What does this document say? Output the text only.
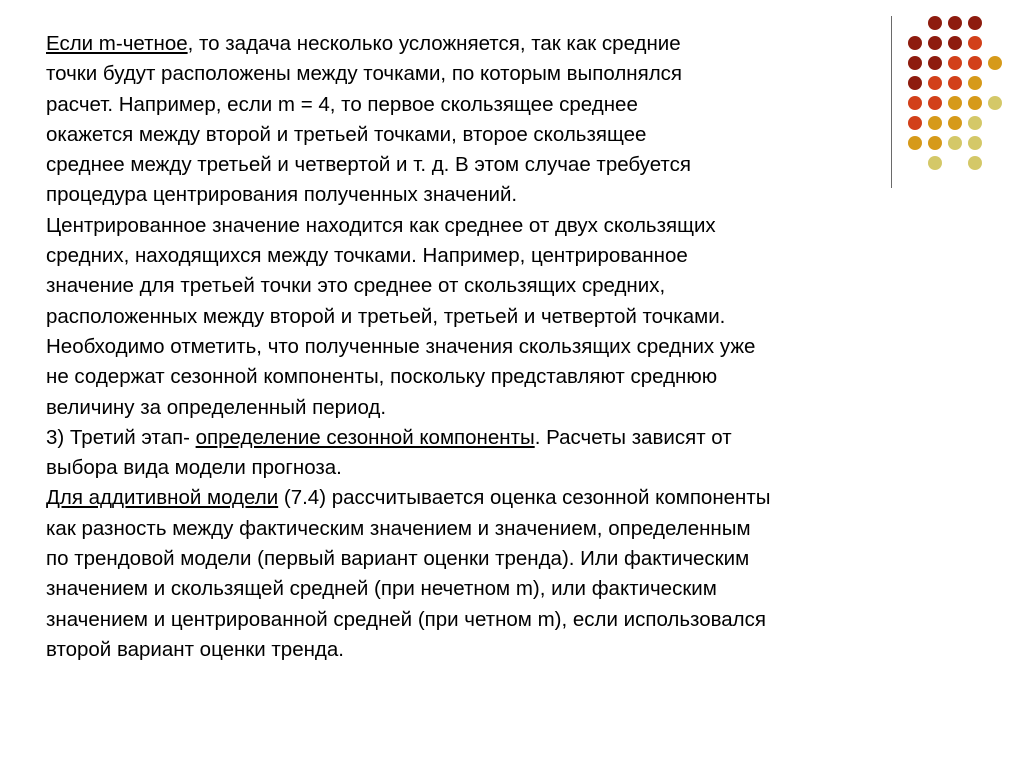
Если m-четное, то задача несколько усложняется, так как средние
точки будут расположены между точками, по которым выполнялся
расчет. Например, если m = 4, то первое скользящее среднее
окажется между второй и третьей точками, второе скользящее
среднее между третьей и четвертой и т. д. В этом случае требуется
процедура центрирования полученных значений.
Центрированное значение находится как среднее от двух скользящих
средних, находящихся между точками. Например, центрированное
значение для третьей точки это среднее от скользящих средних,
расположенных между второй и третьей, третьей и четвертой точками.
Необходимо отметить, что полученные значения скользящих средних уже
не содержат сезонной компоненты, поскольку представляют среднюю
величину за определенный период.
3) Третий этап- определение сезонной компоненты. Расчеты зависят от
выбора вида модели прогноза.
Для аддитивной модели (7.4) рассчитывается оценка сезонной компоненты
как разность между фактическим значением и значением, определенным
по трендовой модели (первый вариант оценки тренда). Или фактическим
значением и скользящей средней (при нечетном m), или фактическим
значением и центрированной средней (при четном m), если использовался
второй вариант оценки тренда.
